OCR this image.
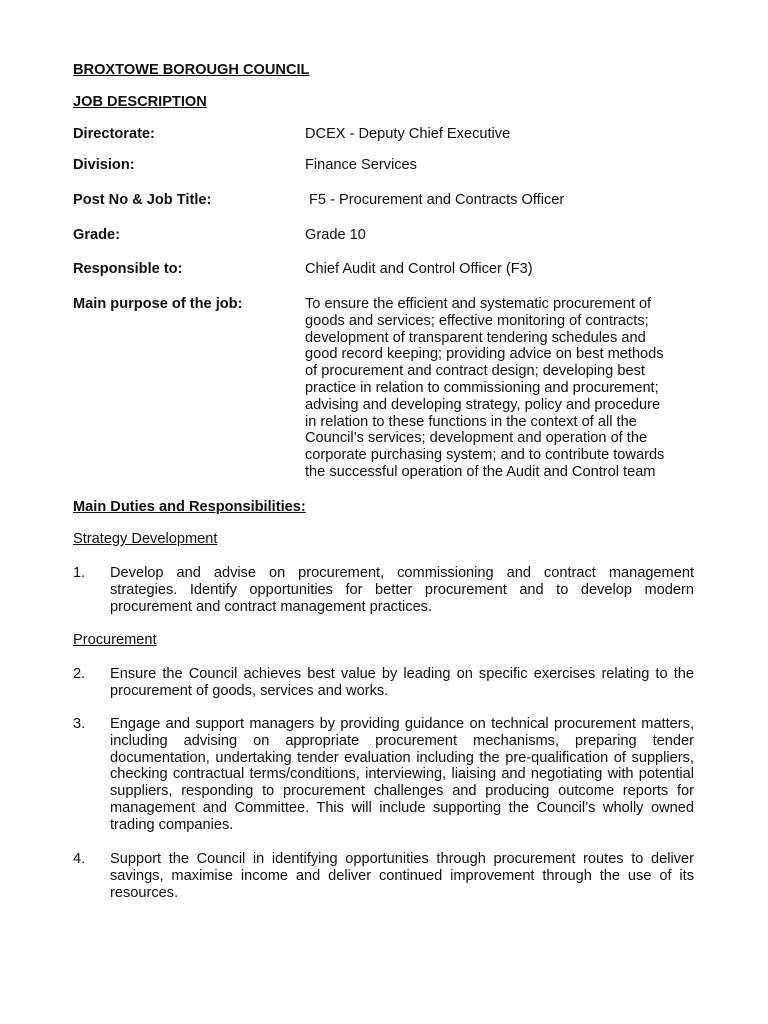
BROXTOWE BOROUGH COUNCIL
JOB DESCRIPTION
Directorate:	DCEX - Deputy Chief Executive
Division:	Finance Services
Post No & Job Title:	F5 - Procurement and Contracts Officer
Grade:	Grade 10
Responsible to:	Chief Audit and Control Officer (F3)
Main purpose of the job:	To ensure the efficient and systematic procurement of
goods and services; effective monitoring of contracts;
development of transparent tendering schedules and
good record keeping; providing advice on best methods
of procurement and contract design; developing best
practice in relation to commissioning and procurement;
advising and developing strategy, policy and procedure
in relation to these functions in the context of all the
Council’s services; development and operation of the
corporate purchasing system; and to contribute towards
the successful operation of the Audit and Control team
Main Duties and Responsibilities:
Strategy Development
1. Develop and advise on procurement, commissioning and contract management strategies. Identify opportunities for better procurement and to develop modern procurement and contract management practices.
Procurement
2. Ensure the Council achieves best value by leading on specific exercises relating to the procurement of goods, services and works.
3. Engage and support managers by providing guidance on technical procurement matters, including advising on appropriate procurement mechanisms, preparing tender documentation, undertaking tender evaluation including the pre-qualification of suppliers, checking contractual terms/conditions, interviewing, liaising and negotiating with potential suppliers, responding to procurement challenges and producing outcome reports for management and Committee. This will include supporting the Council’s wholly owned trading companies.
4. Support the Council in identifying opportunities through procurement routes to deliver savings, maximise income and deliver continued improvement through the use of its resources.
